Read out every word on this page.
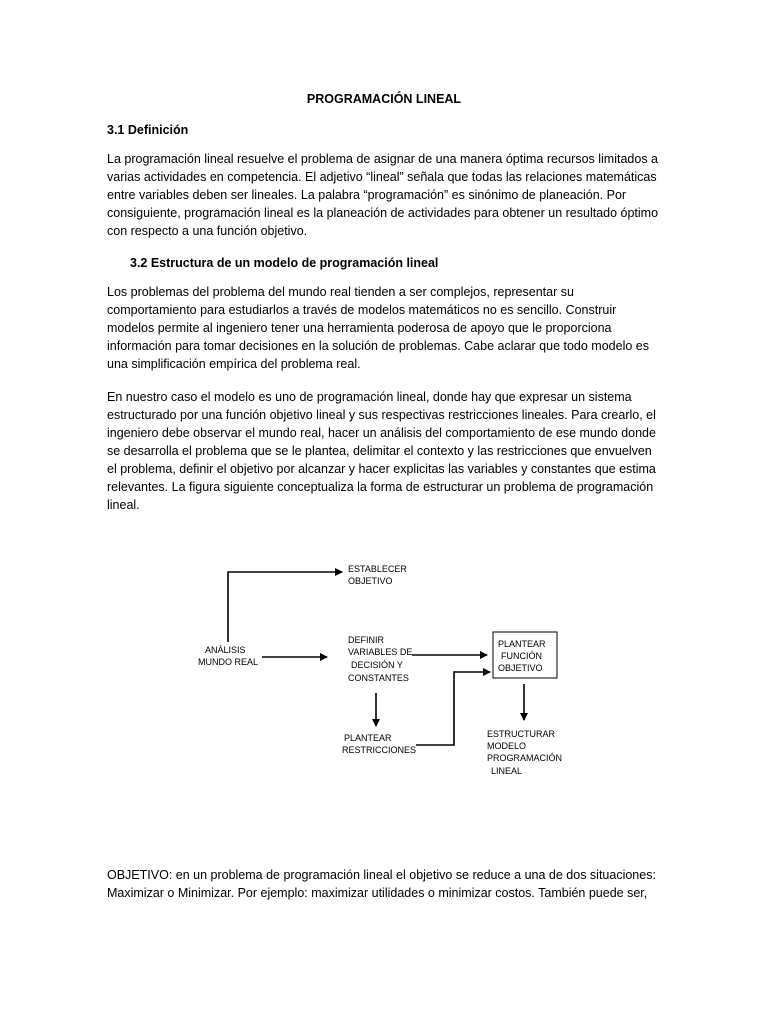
PROGRAMACIÓN LINEAL
3.1 Definición

La programación lineal resuelve el problema de asignar de una manera óptima recursos limitados a varias actividades en competencia. El adjetivo “lineal” señala que todas las relaciones matemáticas entre variables deben ser lineales. La palabra “programación” es sinónimo de planeación. Por consiguiente, programación lineal es la planeación de actividades para obtener un resultado óptimo con respecto a una función objetivo.

3.2 Estructura de un modelo de programación lineal

Los problemas del problema del mundo real tienden a ser complejos, representar su comportamiento para estudiarlos a través de modelos matemáticos no es sencillo. Construir modelos permite al ingeniero tener una herramienta poderosa de apoyo que le proporciona información para tomar decisiones en la solución de problemas. Cabe aclarar que todo modelo es una simplificación empírica del problema real.

En nuestro caso el modelo es uno de programación lineal, donde hay que expresar un sistema estructurado por una función objetivo lineal y sus respectivas restricciones lineales. Para crearlo, el ingeniero debe observar el mundo real, hacer un análisis del comportamiento de ese mundo donde se desarrolla el problema que se le plantea, delimitar el contexto y las restricciones que envuelven el problema, definir el objetivo por alcanzar y hacer explicitas las variables y constantes que estima relevantes. La figura siguiente conceptualiza la forma de estructurar un problema de programación lineal.

ESTABLECER OBJETIVO
ANÁLISIS MUNDO REAL
DEFINIR VARIABLES DE DECISIÓN Y CONSTANTES
PLANTEAR FUNCIÓN OBJETIVO
PLANTEAR RESTRICCIONES
ESTRUCTURAR MODELO PROGRAMACIÓN LINEAL

OBJETIVO: en un problema de programación lineal el objetivo se reduce a una de dos situaciones: Maximizar o Minimizar. Por ejemplo: maximizar utilidades o minimizar costos. También puede ser,
